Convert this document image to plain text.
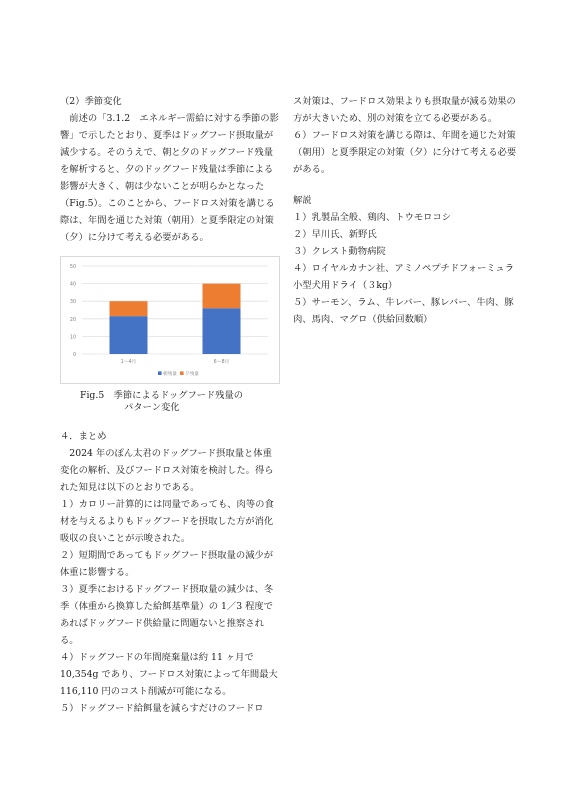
（2）季節変化

前述の「3.1.2　エネルギー需給に対する季節の影響」で示したとおり、夏季はドッグフード摂取量が減少する。そのうえで、朝と夕のドッグフード残量を解析すると、夕のドッグフード残量は季節による影響が大きく、朝は少ないことが明らかとなった（Fig.5）。このことから、フードロス対策を講じる際は、年間を通じた対策（朝用）と夏季限定の対策（夕）に分けて考える必要がある。

0
10
20
30
40
50
1～4月	6～8月
朝残量 夕残量
Fig.5　季節によるドッグフード残量の
パターン変化

４．まとめ

2024 年のぽん太君のドッグフード摂取量と体重変化の解析、及びフードロス対策を検討した。得られた知見は以下のとおりである。

１）カロリー計算的には同量であっても、肉等の食材を与えるよりもドッグフードを摂取した方が消化吸収の良いことが示唆された。

２）短期間であってもドッグフード摂取量の減少が体重に影響する。

３）夏季におけるドッグフード摂取量の減少は、冬季（体重から換算した給餌基準量）の 1／3 程度であればドッグフード供給量に問題ないと推察される。

４）ドッグフードの年間廃棄量は約 11 ヶ月で 10,354g であり、フードロス対策によって年間最大 116,110 円のコスト削減が可能になる。

５）ドッグフード給餌量を減らすだけのフードロ

ス対策は、フードロス効果よりも摂取量が減る効果の方が大きいため、別の対策を立てる必要がある。

６）フードロス対策を講じる際は、年間を通じた対策（朝用）と夏季限定の対策（夕）に分けて考える必要がある。

解説

１）乳製品全般、鶏肉、トウモロコシ

２）早川氏、新野氏

３）クレスト動物病院

４）ロイヤルカナン社、アミノペプチドフォーミュラ小型犬用ドライ（３kg）

５）サーモン、ラム、牛レバー、豚レバー、牛肉、豚肉、馬肉、マグロ（供給回数順）
